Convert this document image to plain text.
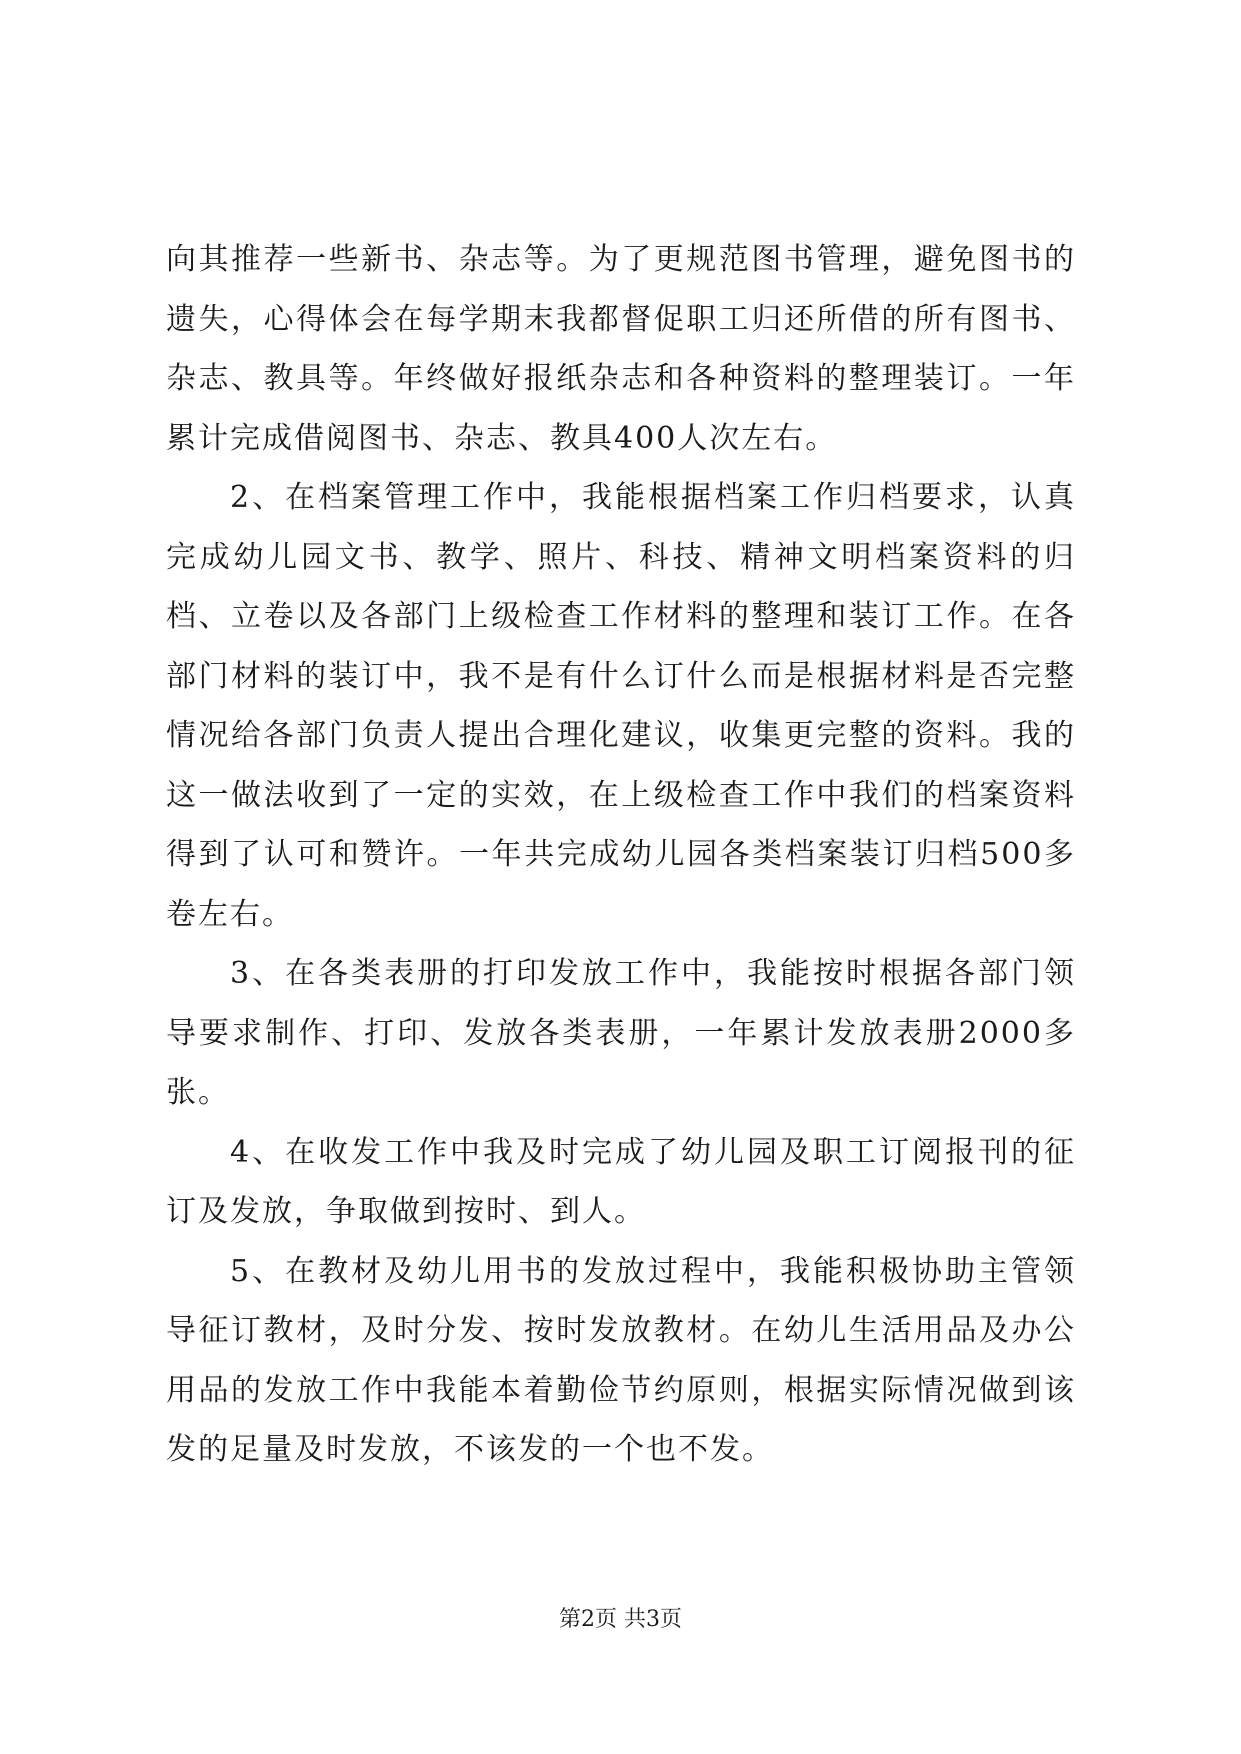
向其推荐一些新书、杂志等。为了更规范图书管理，避免图书的遗失，心得体会在每学期末我都督促职工归还所借的所有图书、杂志、教具等。年终做好报纸杂志和各种资料的整理装订。一年累计完成借阅图书、杂志、教具400人次左右。

2、在档案管理工作中，我能根据档案工作归档要求，认真完成幼儿园文书、教学、照片、科技、精神文明档案资料的归档、立卷以及各部门上级检查工作材料的整理和装订工作。在各部门材料的装订中，我不是有什么订什么而是根据材料是否完整情况给各部门负责人提出合理化建议，收集更完整的资料。我的这一做法收到了一定的实效，在上级检查工作中我们的档案资料得到了认可和赞许。一年共完成幼儿园各类档案装订归档500多卷左右。

3、在各类表册的打印发放工作中，我能按时根据各部门领导要求制作、打印、发放各类表册，一年累计发放表册2000多张。

4、在收发工作中我及时完成了幼儿园及职工订阅报刊的征订及发放，争取做到按时、到人。

5、在教材及幼儿用书的发放过程中，我能积极协助主管领导征订教材，及时分发、按时发放教材。在幼儿生活用品及办公用品的发放工作中我能本着勤俭节约原则，根据实际情况做到该发的足量及时发放，不该发的一个也不发。

第2页 共3页
